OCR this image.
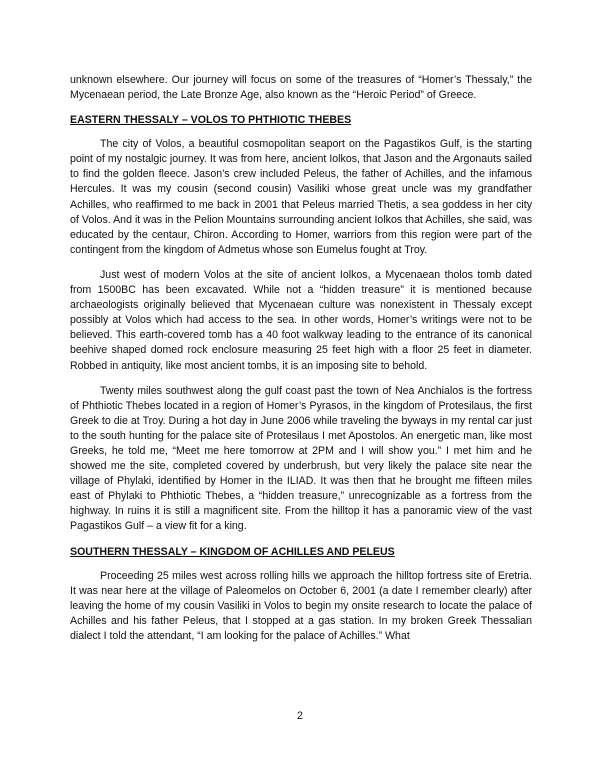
unknown elsewhere. Our journey will focus on some of the treasures of “Homer’s Thessaly,” the Mycenaean period, the Late Bronze Age, also known as the “Heroic Period” of Greece.

EASTERN THESSALY – VOLOS TO PHTHIOTIC THEBES

The city of Volos, a beautiful cosmopolitan seaport on the Pagastikos Gulf, is the starting point of my nostalgic journey. It was from here, ancient Iolkos, that Jason and the Argonauts sailed to find the golden fleece. Jason’s crew included Peleus, the father of Achilles, and the infamous Hercules. It was my cousin (second cousin) Vasiliki whose great uncle was my grandfather Achilles, who reaffirmed to me back in 2001 that Peleus married Thetis, a sea goddess in her city of Volos. And it was in the Pelion Mountains surrounding ancient Iolkos that Achilles, she said, was educated by the centaur, Chiron. According to Homer, warriors from this region were part of the contingent from the kingdom of Admetus whose son Eumelus fought at Troy.

Just west of modern Volos at the site of ancient Iolkos, a Mycenaean tholos tomb dated from 1500BC has been excavated. While not a “hidden treasure” it is mentioned because archaeologists originally believed that Mycenaean culture was nonexistent in Thessaly except possibly at Volos which had access to the sea. In other words, Homer’s writings were not to be believed. This earth-covered tomb has a 40 foot walkway leading to the entrance of its canonical beehive shaped domed rock enclosure measuring 25 feet high with a floor 25 feet in diameter. Robbed in antiquity, like most ancient tombs, it is an imposing site to behold.

Twenty miles southwest along the gulf coast past the town of Nea Anchialos is the fortress of Phthiotic Thebes located in a region of Homer’s Pyrasos, in the kingdom of Protesilaus, the first Greek to die at Troy. During a hot day in June 2006 while traveling the byways in my rental car just to the south hunting for the palace site of Protesilaus I met Apostolos. An energetic man, like most Greeks, he told me, “Meet me here tomorrow at 2PM and I will show you.” I met him and he showed me the site, completed covered by underbrush, but very likely the palace site near the village of Phylaki, identified by Homer in the ILIAD. It was then that he brought me fifteen miles east of Phylaki to Phthiotic Thebes, a “hidden treasure,” unrecognizable as a fortress from the highway. In ruins it is still a magnificent site. From the hilltop it has a panoramic view of the vast Pagastikos Gulf – a view fit for a king.

SOUTHERN THESSALY – KINGDOM OF ACHILLES AND PELEUS

Proceeding 25 miles west across rolling hills we approach the hilltop fortress site of Eretria. It was near here at the village of Paleomelos on October 6, 2001 (a date I remember clearly) after leaving the home of my cousin Vasiliki in Volos to begin my onsite research to locate the palace of Achilles and his father Peleus, that I stopped at a gas station. In my broken Greek Thessalian dialect I told the attendant, “I am looking for the palace of Achilles.” What

2
